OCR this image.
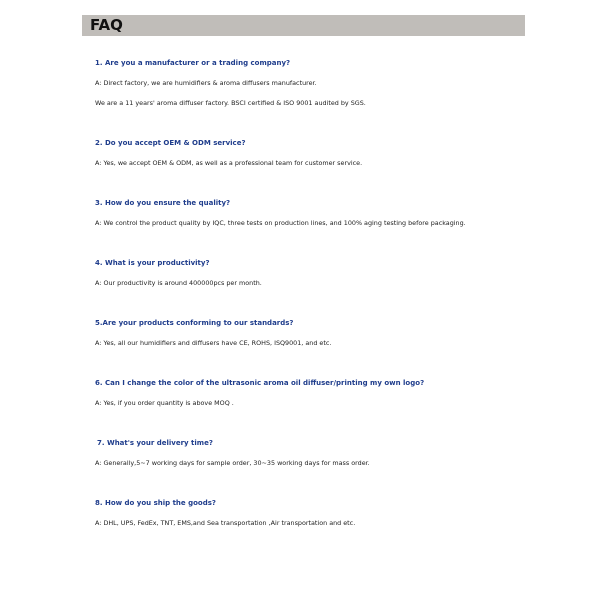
FAQ
1. Are you a manufacturer or a trading company?
A: Direct factory, we are humidifiers & aroma diffusers manufacturer.
We are a 11 years' aroma diffuser factory. BSCI certified & ISO 9001 audited by SGS.
2. Do you accept OEM & ODM service?
A: Yes, we accept OEM & ODM, as well as a professional team for customer service.
3. How do you ensure the quality?
A: We control the product quality by IQC, three tests on production lines, and 100% aging testing before packaging.
4. What is your productivity?
A: Our productivity is around 400000pcs per month.
5.Are your products conforming to our standards?
A: Yes, all our humidifiers and diffusers have CE, ROHS, ISQ9001, and etc.
6. Can I change the color of the ultrasonic aroma oil diffuser/printing my own logo?
A: Yes, if you order quantity is above MOQ .
7. What's your delivery time?
A: Generally,5~7 working days for sample order, 30~35 working days for mass order.
8. How do you ship the goods?
A: DHL, UPS, FedEx, TNT, EMS,and Sea transportation ,Air transportation and etc.
